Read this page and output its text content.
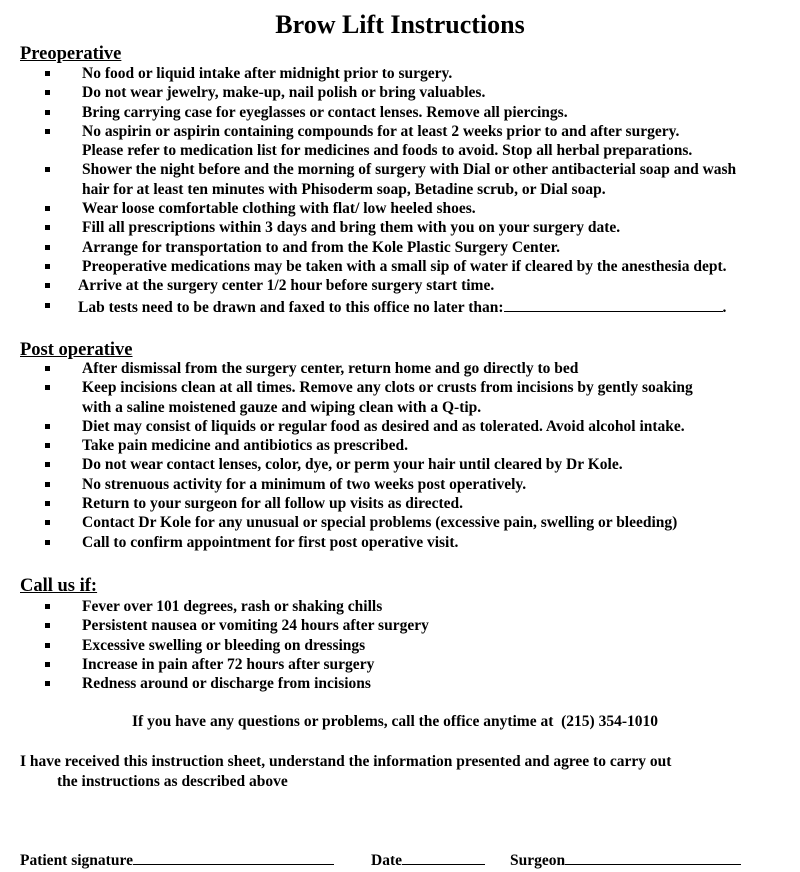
Brow Lift Instructions
Preoperative
No food or liquid intake after midnight prior to surgery.
Do not wear jewelry, make-up, nail polish or bring valuables.
Bring carrying case for eyeglasses or contact lenses. Remove all piercings.
No aspirin or aspirin containing compounds for at least 2 weeks prior to and after surgery.
Please refer to medication list for medicines and foods to avoid. Stop all herbal preparations.
Shower the night before and the morning of surgery with Dial or other antibacterial soap and wash
hair for at least ten minutes with Phisoderm soap, Betadine scrub, or Dial soap.
Wear loose comfortable clothing with flat/ low heeled shoes.
Fill all prescriptions within 3 days and bring them with you on your surgery date.
Arrange for transportation to and from the Kole Plastic Surgery Center.
Preoperative medications may be taken with a small sip of water if cleared by the anesthesia dept.
Arrive at the surgery center 1/2 hour before surgery start time.
Lab tests need to be drawn and faxed to this office no later than:	.
Post operative
After dismissal from the surgery center, return home and go directly to bed
Keep incisions clean at all times. Remove any clots or crusts from incisions by gently soaking
with a saline moistened gauze and wiping clean with a Q-tip.
Diet may consist of liquids or regular food as desired and as tolerated. Avoid alcohol intake.
Take pain medicine and antibiotics as prescribed.
Do not wear contact lenses, color, dye, or perm your hair until cleared by Dr Kole.
No strenuous activity for a minimum of two weeks post operatively.
Return to your surgeon for all follow up visits as directed.
Contact Dr Kole for any unusual or special problems (excessive pain, swelling or bleeding)
Call to confirm appointment for first post operative visit.
Call us if:
Fever over 101 degrees, rash or shaking chills
Persistent nausea or vomiting 24 hours after surgery
Excessive swelling or bleeding on dressings
Increase in pain after 72 hours after surgery
Redness around or discharge from incisions
If you have any questions or problems, call the office anytime at (215) 354-1010
I have received this instruction sheet, understand the information presented and agree to carry out
the instructions as described above
Patient signature	Date	Surgeon
